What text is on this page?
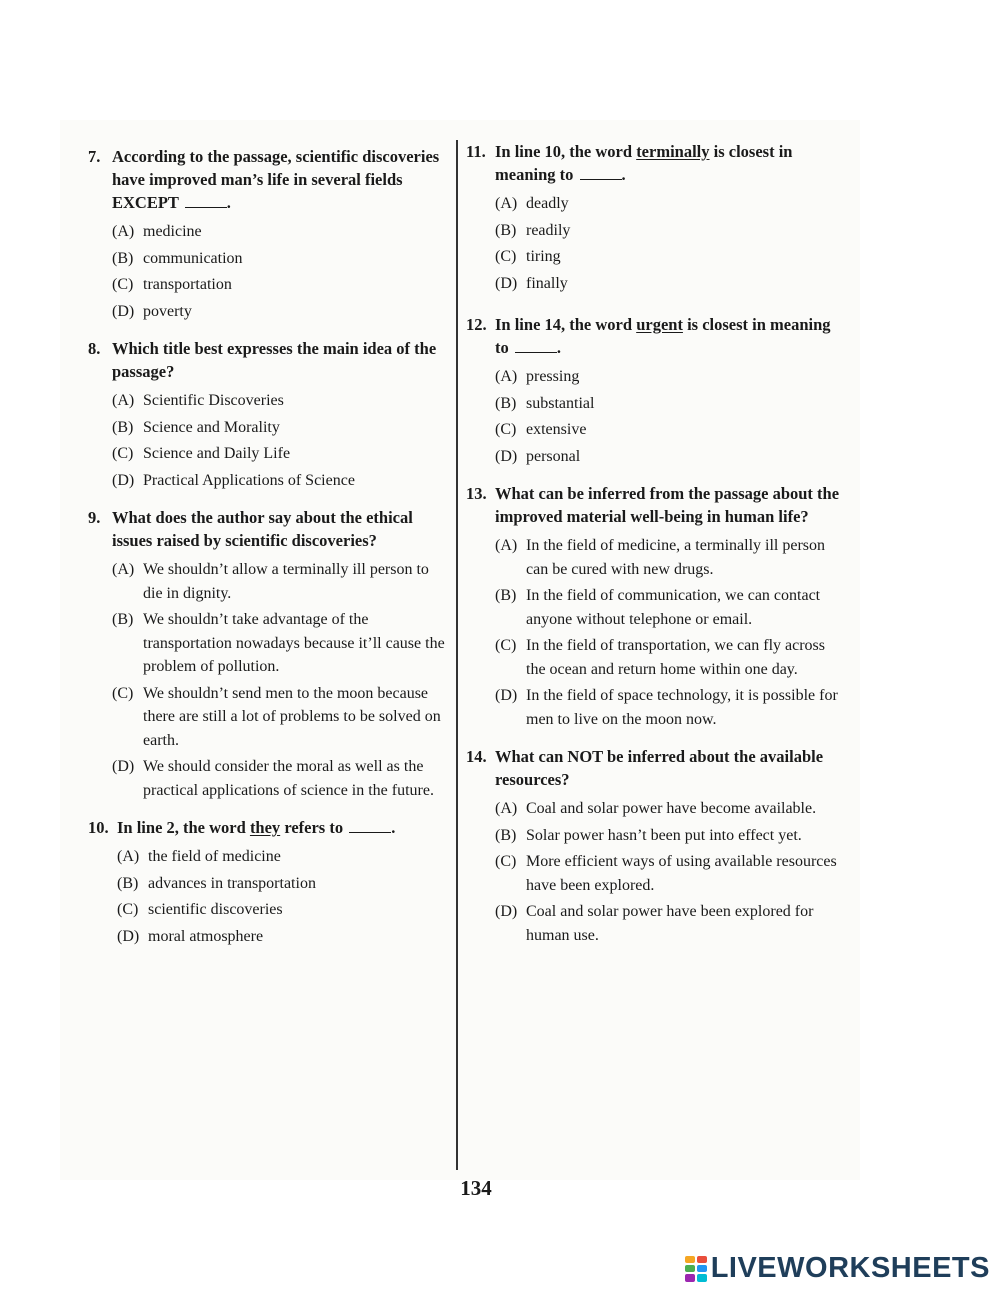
7. According to the passage, scientific discoveries have improved man’s life in several fields EXCEPT	.
(A) medicine
(B) communication
(C) transportation
(D) poverty
8. Which title best expresses the main idea of the passage?
(A) Scientific Discoveries
(B) Science and Morality
(C) Science and Daily Life
(D) Practical Applications of Science
9. What does the author say about the ethical issues raised by scientific discoveries?
(A) We shouldn’t allow a terminally ill person to die in dignity.
(B) We shouldn’t take advantage of the transportation nowadays because it’ll cause the problem of pollution.
(C) We shouldn’t send men to the moon because there are still a lot of problems to be solved on earth.
(D) We should consider the moral as well as the practical applications of science in the future.
10. In line 2, the word they refers to	.
(A) the field of medicine
(B) advances in transportation
(C) scientific discoveries
(D) moral atmosphere
11. In line 10, the word terminally is closest in meaning to	.
(A) deadly
(B) readily
(C) tiring
(D) finally
12. In line 14, the word urgent is closest in meaning to	.
(A) pressing
(B) substantial
(C) extensive
(D) personal
13. What can be inferred from the passage about the improved material well-being in human life?
(A) In the field of medicine, a terminally ill person can be cured with new drugs.
(B) In the field of communication, we can contact anyone without telephone or email.
(C) In the field of transportation, we can fly across the ocean and return home within one day.
(D) In the field of space technology, it is possible for men to live on the moon now.
14. What can NOT be inferred about the available resources?
(A) Coal and solar power have become available.
(B) Solar power hasn’t been put into effect yet.
(C) More efficient ways of using available resources have been explored.
(D) Coal and solar power have been explored for human use.
134
LIVEWORKSHEETS
